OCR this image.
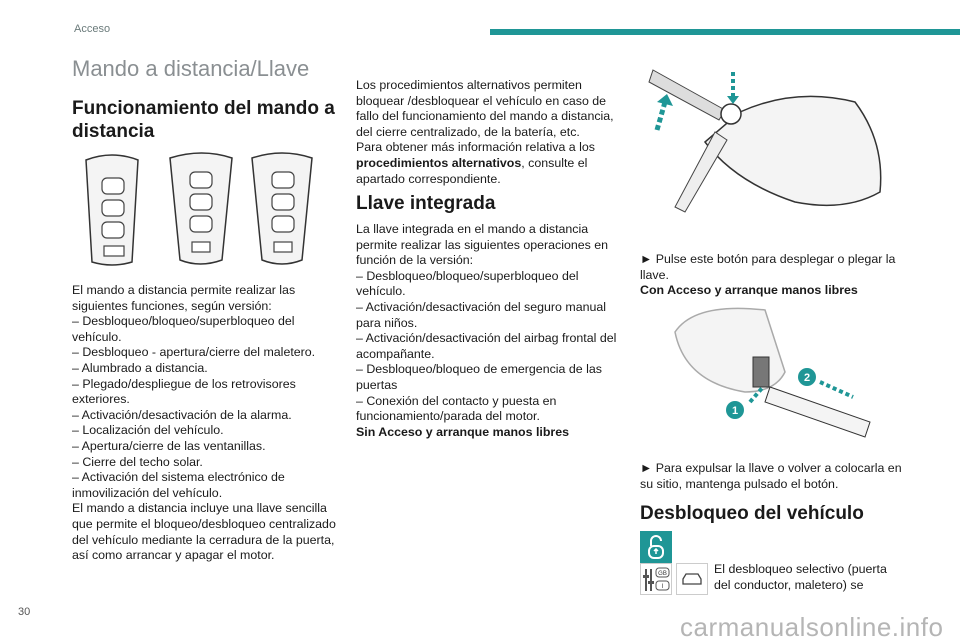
Acceso
Mando a distancia/Llave
Funcionamiento del mando a distancia
El mando a distancia permite realizar las
siguientes funciones, según versión:
– Desbloqueo/bloqueo/superbloqueo del
vehículo.
– Desbloqueo - apertura/cierre del maletero.
– Alumbrado a distancia.
– Plegado/despliegue de los retrovisores
exteriores.
– Activación/desactivación de la alarma.
– Localización del vehículo.
– Apertura/cierre de las ventanillas.
– Cierre del techo solar.
– Activación del sistema electrónico de
inmovilización del vehículo.
El mando a distancia incluye una llave sencilla
que permite el bloqueo/desbloqueo centralizado
del vehículo mediante la cerradura de la puerta,
así como arrancar y apagar el motor.
Los procedimientos alternativos permiten
bloquear /desbloquear el vehículo en caso de
fallo del funcionamiento del mando a distancia,
del cierre centralizado, de la batería, etc.
Para obtener más información relativa a los
procedimientos alternativos, consulte el
apartado correspondiente.
Llave integrada
La llave integrada en el mando a distancia
permite realizar las siguientes operaciones en
función de la versión:
– Desbloqueo/bloqueo/superbloqueo del
vehículo.
– Activación/desactivación del seguro manual
para niños.
– Activación/desactivación del airbag frontal del
acompañante.
– Desbloqueo/bloqueo de emergencia de las
puertas
– Conexión del contacto y puesta en
funcionamiento/parada del motor.
Sin Acceso y arranque manos libres
► Pulse este botón para desplegar o plegar la
llave.
Con Acceso y arranque manos libres
1
2
► Para expulsar la llave o volver a colocarla en
su sitio, mantenga pulsado el botón.
Desbloqueo del vehículo
GB
I
El desbloqueo selectivo (puerta
del conductor, maletero) se
30	carmanualsonline.info
